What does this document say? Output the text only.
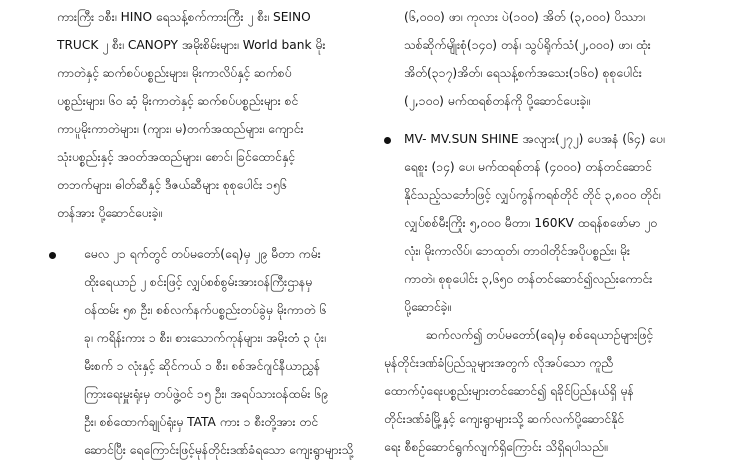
ကားကြီး ၁စီး၊ HINO ရေသန့်စက်ကားကြီး ၂ စီး၊ SEINO
TRUCK ၂ စီး၊ CANOPY အမိုးစိမ်းများ၊ World bank မိုး
ကာတဲနှင့် ဆက်စပ်ပစ္စည်းများ၊ မိုးကာလိပ်နှင့် ဆက်စပ်
ပစ္စည်းများ၊ ၆၀ ဆံ့ မိုးကာတဲနှင့် ဆက်စပ်ပစ္စည်းများ စင်
ကာပူမိုးကာတဲများ၊ (ကျား၊ မ)တက်အထည်များ၊ ကျောင်း
သုံးပစ္စည်းနှင့် အဝတ်အထည်များ၊ စောင်၊ ခြင်ထောင်နှင့်
တဘက်များ၊ ဓါတ်ဆီနှင့် ဒီဇယ်ဆီများ စုစုပေါင်း ၁၅၆
တန်အား ပို့ဆောင်ပေးခဲ့။
မေလ ၂၁ ရက်တွင် တပ်မတော်(ရေ)မှ ၂၉ မီတာ ကမ်း
ထိုးရေယာဉ် ၂ စင်းဖြင့် လျှပ်စစ်စွမ်းအားဝန်ကြီးဌာနမှ
ဝန်ထမ်း ၅၈ ဦး၊ စစ်လက်နက်ပစ္စည်းတပ်ခွဲမှ မိုးကာတဲ ၆
ခု၊ ကရိန်းကား ၁ စီး၊ စားသောက်ကုန်များ၊ အမိုးတံ ၃ ပုံး၊
မီးစက် ၁ လုံးနှင့် ဆိုင်ကယ် ၁ စီး၊ စစ်အင်ဂျင်နီယာညွှန်
ကြားရေးမှူးရုံးမှ တပ်ဖွဲ့ဝင် ၁၅ ဦး၊ အရပ်သားဝန်ထမ်း ၆၉
ဦး၊ စစ်ထောက်ချုပ်ရုံးမှ TATA ကား ၁ စီးတို့အား တင်
ဆောင်ပြီး ရေကြောင်းဖြင့်မုန်တိုင်းဒဏ်ခံရသော ကျေးရွာများသို့
(၆,၀၀၀) ဖာ၊ ကုလား ပဲ(၁၀၀) အိတ် (၃,၀၀၀) ပိဿာ၊
သစ်ဆိုက်မျိုးစုံ(၁၄၀) တန်၊ သွပ်ရိုက်သံ(၂,၀၀၀) ဖာ၊ ထုံး
အိတ်(၃၁၇)အိတ်၊ ရေသန့်စက်အသေး(၁၆၀) စုစုပေါင်း
(၂,၁၀၀) မက်ထရစ်တန်ကို ပို့ဆောင်ပေးခဲ့။
MV- MV.SUN SHINE အလျား(၂၇၂) ပေအနံ (၆၄) ပေ၊
ရေစူး (၁၄) ပေ၊ မက်ထရစ်တန် (၄၀၀၀) တန်တင်ဆောင်
နိုင်သည့်သင်္ဘောဖြင့် လျှပ်ကွန်ကရစ်တိုင် တိုင် ၃,၈၀၀ တိုင်၊
လျှပ်စစ်မီးကြိုး ၅,၀၀၀ မီတာ၊ 160KV ထရန်စဖော်မာ ၂၀
လုံး၊ မိုးကာလိပ်၊ ဘေထုတ်၊ တာဝါတိုင်အပိုပစ္စည်း၊ မိုး
ကာတဲ၊ စုစုပေါင်း ၃,၆၅၀ တန်တင်ဆောင်၍လည်းကောင်း
ပို့ဆောင်ခဲ့။
ဆက်လက်၍ တပ်မတော်(ရေ)မှ စစ်ရေယာဉ်များဖြင့်
မုန်တိုင်းဒဏ်ခံပြည်သူများအတွက် လိုအပ်သော ကူညီ
ထောက်ပံ့ရေးပစ္စည်းများတင်ဆောင်၍ ရခိုင်ပြည်နယ်ရှိ မုန်
တိုင်းဒဏ်ခံမြို့နှင့် ကျေးရွာများသို့ ဆက်လက်ပို့ဆောင်နိုင်
ရေး စီစဉ်ဆောင်ရွက်လျက်ရှိကြောင်း သိရှိရပါသည်။
